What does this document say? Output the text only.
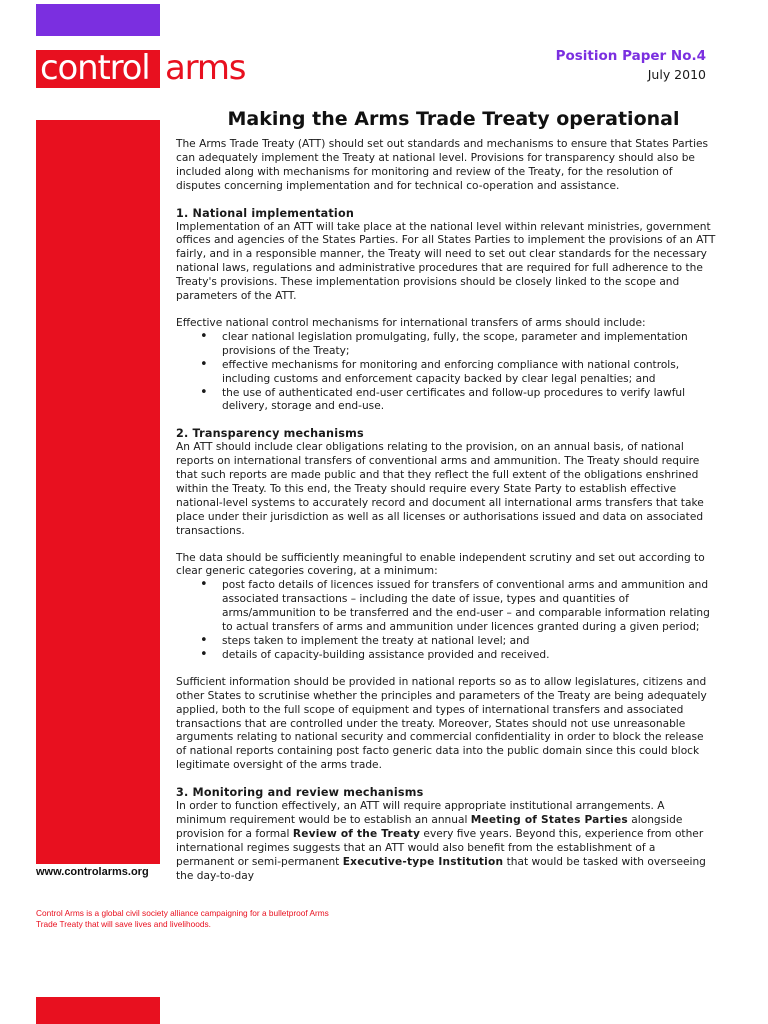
control arms	Position Paper No.4
July 2010
Making the Arms Trade Treaty operational

The Arms Trade Treaty (ATT) should set out standards and mechanisms to ensure that States Parties can adequately implement the Treaty at national level. Provisions for transparency should also be included along with mechanisms for monitoring and review of the Treaty, for the resolution of disputes concerning implementation and for technical co-operation and assistance.

1. National implementation

Implementation of an ATT will take place at the national level within relevant ministries, government offices and agencies of the States Parties. For all States Parties to implement the provisions of an ATT fairly, and in a responsible manner, the Treaty will need to set out clear standards for the necessary national laws, regulations and administrative procedures that are required for full adherence to the Treaty's provisions. These implementation provisions should be closely linked to the scope and parameters of the ATT.

Effective national control mechanisms for international transfers of arms should include:

• clear national legislation promulgating, fully, the scope, parameter and implementation provisions of the Treaty;
• effective mechanisms for monitoring and enforcing compliance with national controls, including customs and enforcement capacity backed by clear legal penalties; and
• the use of authenticated end-user certificates and follow-up procedures to verify lawful delivery, storage and end-use.
2. Transparency mechanisms

An ATT should include clear obligations relating to the provision, on an annual basis, of national reports on international transfers of conventional arms and ammunition. The Treaty should require that such reports are made public and that they reflect the full extent of the obligations enshrined within the Treaty. To this end, the Treaty should require every State Party to establish effective national-level systems to accurately record and document all international arms transfers that take place under their jurisdiction as well as all licenses or authorisations issued and data on associated transactions.

The data should be sufficiently meaningful to enable independent scrutiny and set out according to clear generic categories covering, at a minimum:

• post facto details of licences issued for transfers of conventional arms and ammunition and associated transactions – including the date of issue, types and quantities of arms/ammunition to be transferred and the end-user – and comparable information relating to actual transfers of arms and ammunition under licences granted during a given period;
• steps taken to implement the treaty at national level; and
• details of capacity-building assistance provided and received.

Sufficient information should be provided in national reports so as to allow legislatures, citizens and other States to scrutinise whether the principles and parameters of the Treaty are being adequately applied, both to the full scope of equipment and types of international transfers and associated transactions that are controlled under the treaty. Moreover, States should not use unreasonable arguments relating to national security and commercial confidentiality in order to block the release of national reports containing post facto generic data into the public domain since this could block legitimate oversight of the arms trade.

3. Monitoring and review mechanisms

In order to function effectively, an ATT will require appropriate institutional arrangements. A minimum requirement would be to establish an annual Meeting of States Parties alongside provision for a formal Review of the Treaty every five years. Beyond this, experience from other international regimes suggests that an ATT would also benefit from the establishment of a permanent or semi-permanent Executive-type Institution that would be tasked with overseeing the day-to-day

www.controlarms.org
Control Arms is a global civil society alliance campaigning for a bulletproof Arms Trade Treaty that will save lives and livelihoods.
